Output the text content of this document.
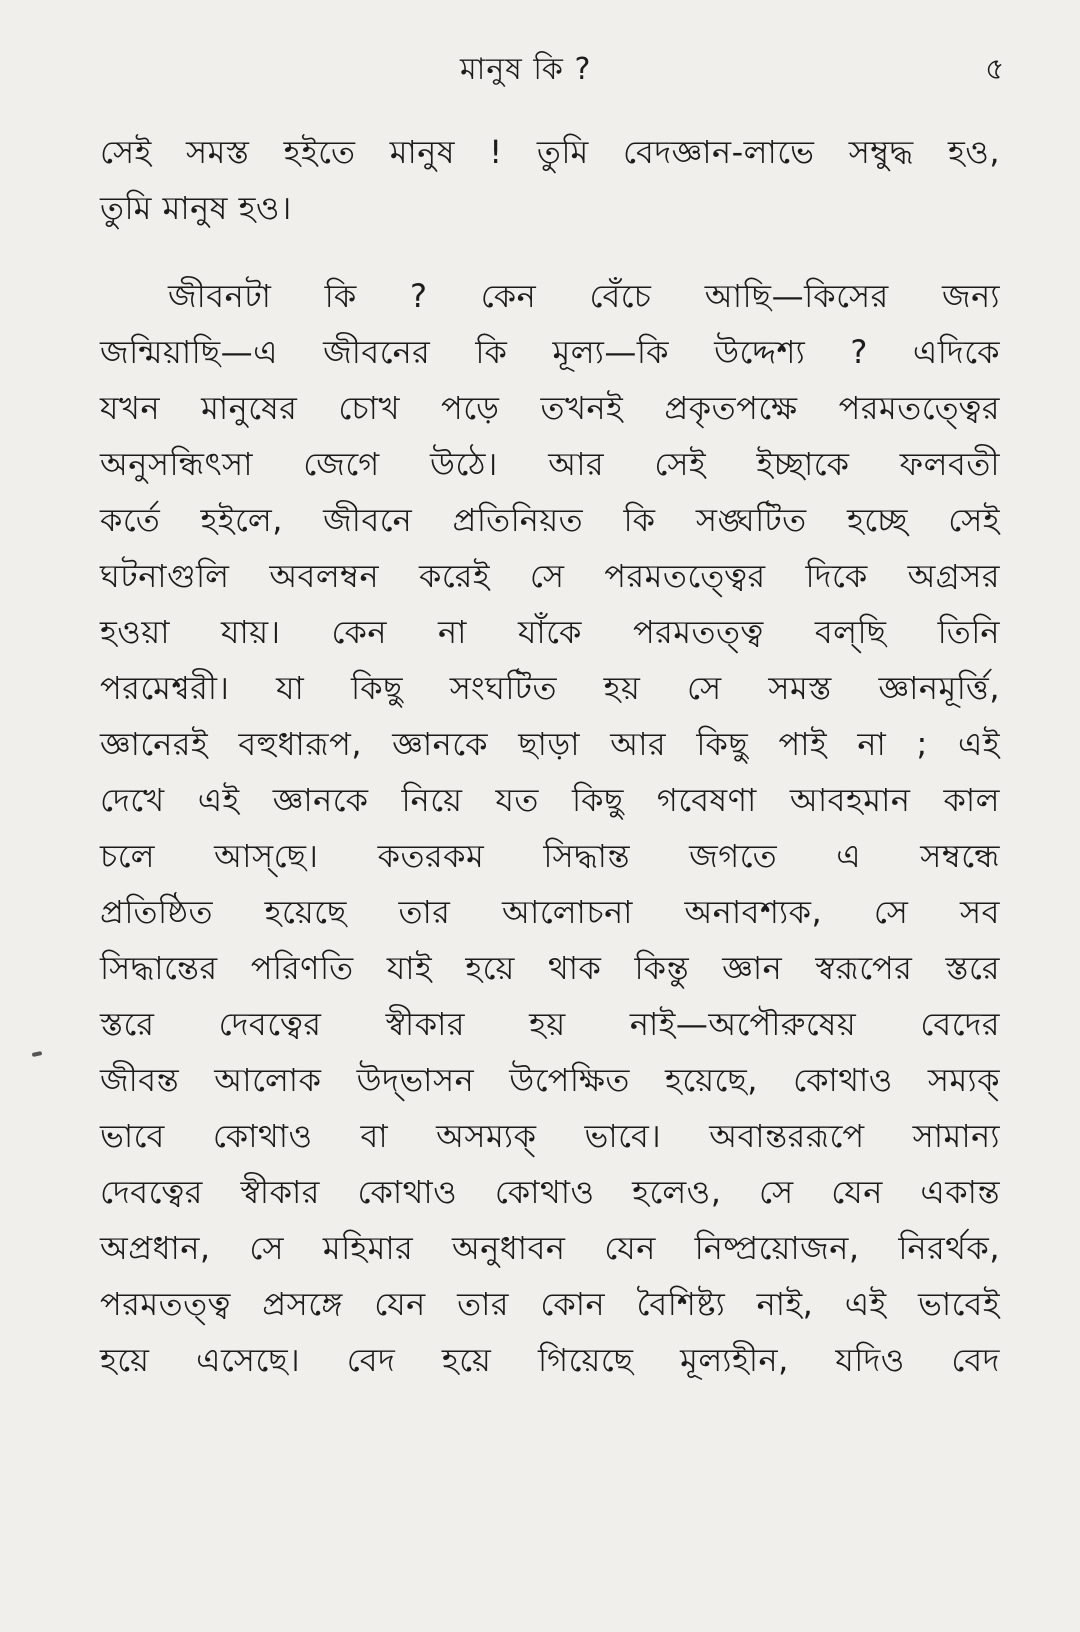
মানুষ কি ?	৫
সেই সমস্ত হইতে মানুষ ! তুমি বেদজ্ঞান-লাভে সম্বুদ্ধ হও,
তুমি মানুষ হও।
জীবনটা কি ? কেন বেঁচে আছি—কিসের জন্য
জন্মিয়াছি—এ জীবনের কি মূল্য—কি উদ্দেশ্য ? এদিকে
যখন মানুষের চোখ পড়ে তখনই প্রকৃতপক্ষে পরমতত্ত্বের
অনুসন্ধিৎসা জেগে উঠে। আর সেই ইচ্ছাকে ফলবতী
কর্তে হইলে, জীবনে প্রতিনিয়ত কি সঙ্ঘটিত হচ্ছে সেই
ঘটনাগুলি অবলম্বন করেই সে পরমতত্ত্বের দিকে অগ্রসর
হওয়া যায়। কেন না যাঁকে পরমতত্ত্ব বল্‌ছি তিনি
পরমেশ্বরী। যা কিছু সংঘটিত হয় সে সমস্ত জ্ঞানমূর্ত্তি,
জ্ঞানেরই বহুধারূপ, জ্ঞানকে ছাড়া আর কিছু পাই না ; এই
দেখে এই জ্ঞানকে নিয়ে যত কিছু গবেষণা আবহমান কাল
চলে আস্‌ছে। কতরকম সিদ্ধান্ত জগতে এ সম্বন্ধে
প্রতিষ্ঠিত হয়েছে তার আলোচনা অনাবশ্যক, সে সব
সিদ্ধান্তের পরিণতি যাই হয়ে থাক কিন্তু জ্ঞান স্বরূপের স্তরে
স্তরে দেবত্বের স্বীকার হয় নাই—অপৌরুষেয় বেদের
জীবন্ত আলোক উদ্‌ভাসন উপেক্ষিত হয়েছে, কোথাও সম্যক্
ভাবে কোথাও বা অসম্যক্ ভাবে। অবান্তররূপে সামান্য
দেবত্বের স্বীকার কোথাও কোথাও হলেও, সে যেন একান্ত
অপ্রধান, সে মহিমার অনুধাবন যেন নিষ্প্রয়োজন, নিরর্থক,
পরমতত্ত্ব প্রসঙ্গে যেন তার কোন বৈশিষ্ট্য নাই, এই ভাবেই
হয়ে এসেছে। বেদ হয়ে গিয়েছে মূল্যহীন, যদিও বেদ
